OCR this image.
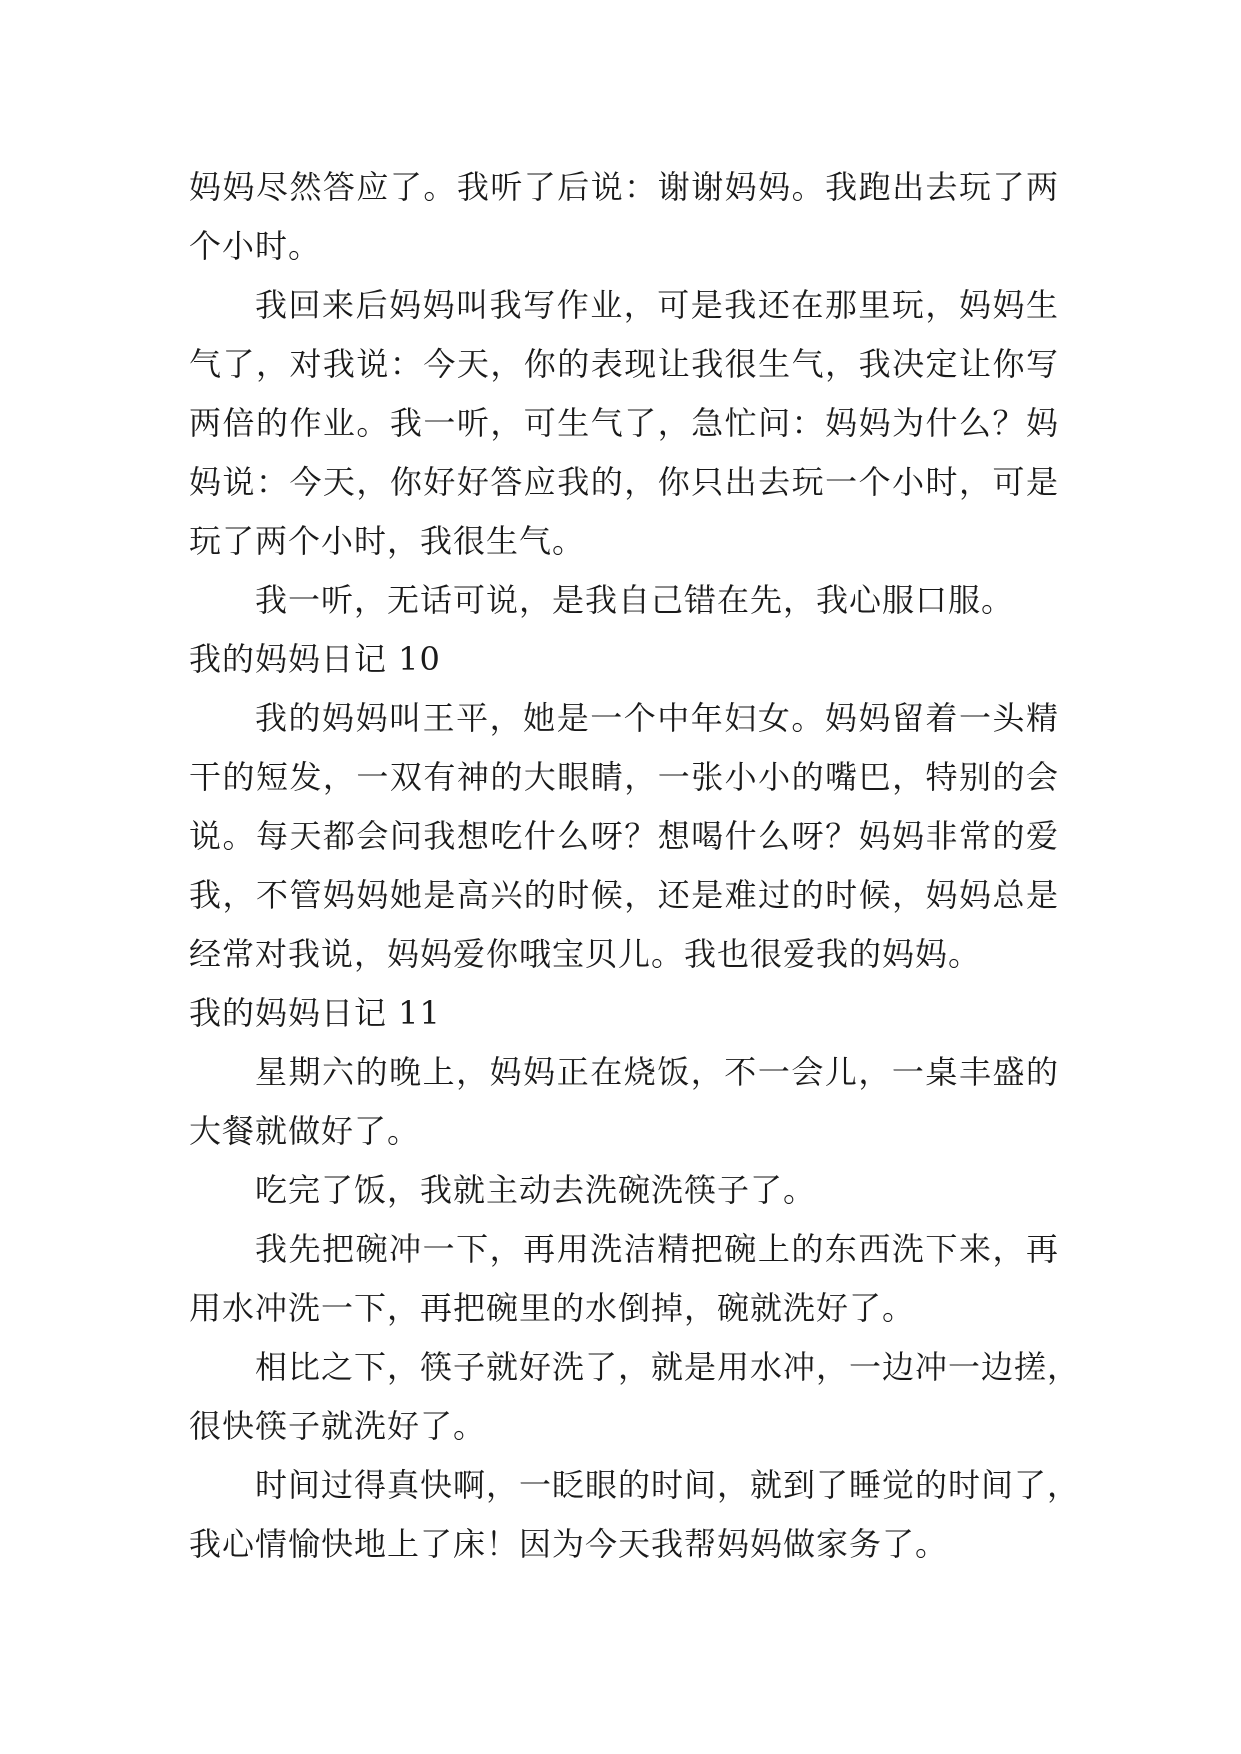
妈妈尽然答应了。我听了后说：谢谢妈妈。我跑出去玩了两
个小时。
我回来后妈妈叫我写作业，可是我还在那里玩，妈妈生
气了，对我说：今天，你的表现让我很生气，我决定让你写
两倍的作业。我一听，可生气了，急忙问：妈妈为什么？妈
妈说：今天，你好好答应我的，你只出去玩一个小时，可是
玩了两个小时，我很生气。
我一听，无话可说，是我自己错在先，我心服口服。
我的妈妈日记 10
我的妈妈叫王平，她是一个中年妇女。妈妈留着一头精
干的短发，一双有神的大眼睛，一张小小的嘴巴，特别的会
说。每天都会问我想吃什么呀？想喝什么呀？妈妈非常的爱
我，不管妈妈她是高兴的时候，还是难过的时候，妈妈总是
经常对我说，妈妈爱你哦宝贝儿。我也很爱我的妈妈。
我的妈妈日记 11
星期六的晚上，妈妈正在烧饭，不一会儿，一桌丰盛的
大餐就做好了。
吃完了饭，我就主动去洗碗洗筷子了。
我先把碗冲一下，再用洗洁精把碗上的东西洗下来，再
用水冲洗一下，再把碗里的水倒掉，碗就洗好了。
相比之下，筷子就好洗了，就是用水冲，一边冲一边搓，
很快筷子就洗好了。
时间过得真快啊，一眨眼的时间，就到了睡觉的时间了，
我心情愉快地上了床！因为今天我帮妈妈做家务了。
